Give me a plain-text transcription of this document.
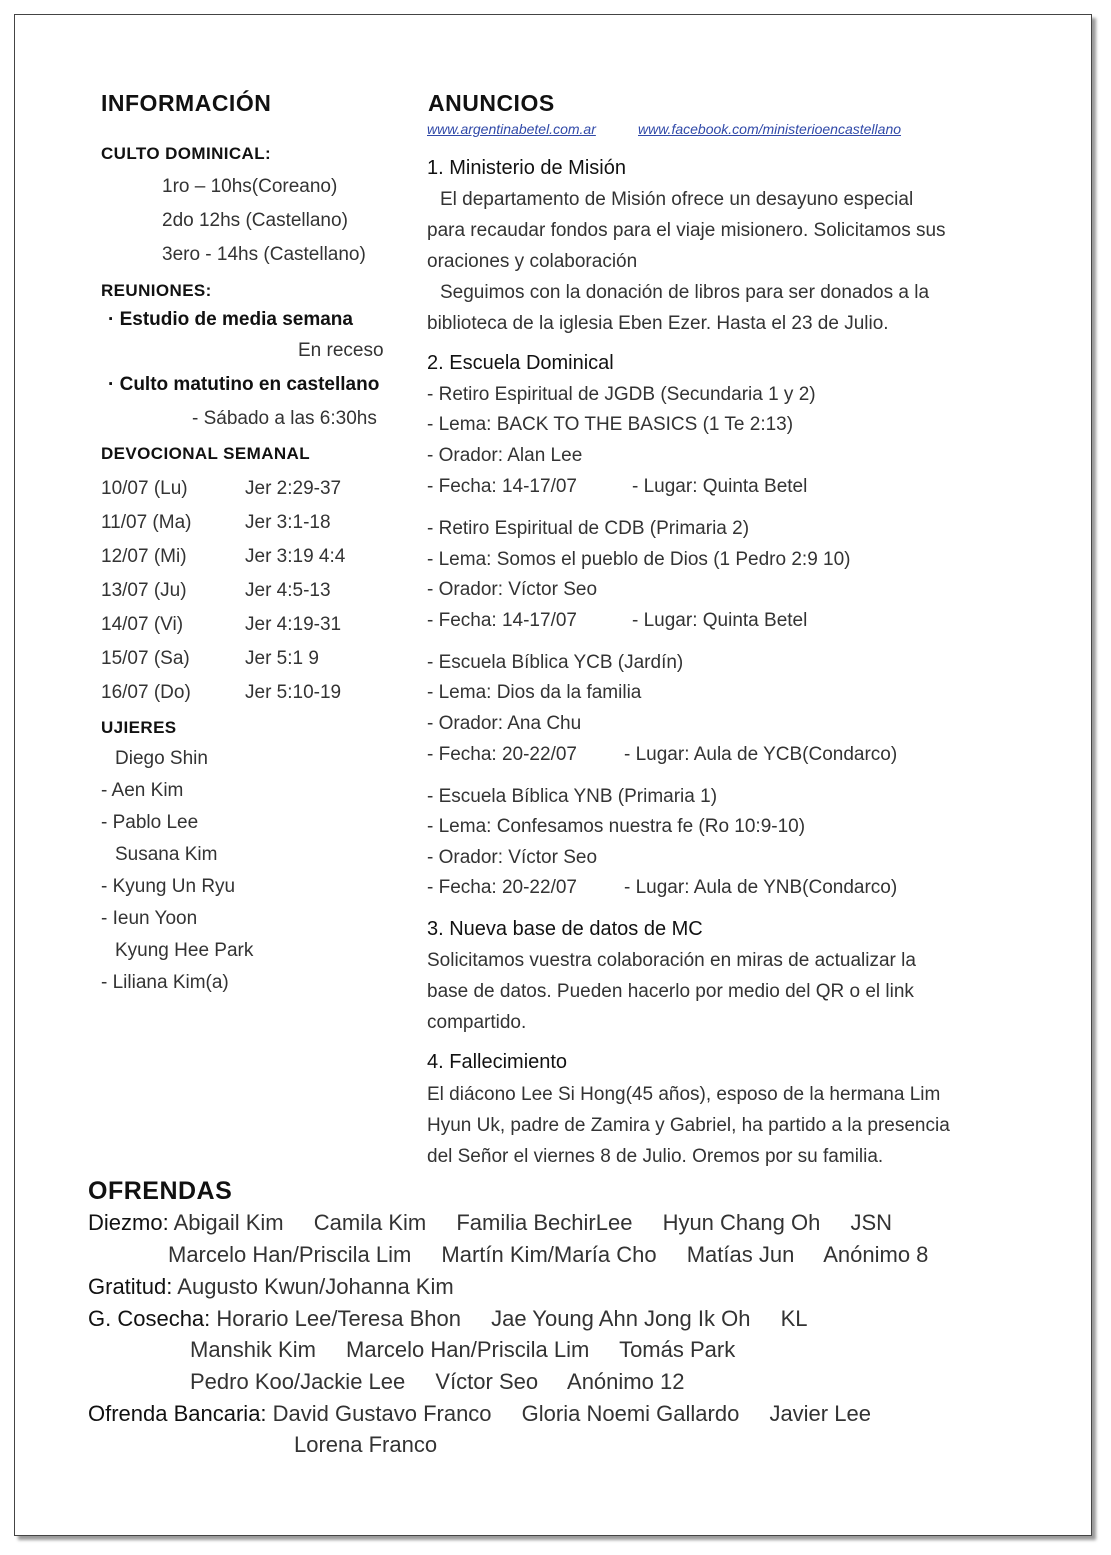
INFORMACIÓN
CULTO DOMINICAL:
1ro – 10hs(Coreano)
2do 12hs (Castellano)
3ero - 14hs (Castellano)
REUNIONES:
· Estudio de media semana
En receso
· Culto matutino en castellano
- Sábado a las 6:30hs
DEVOCIONAL SEMANAL
10/07 (Lu)	Jer 2:29-37
11/07 (Ma)	Jer 3:1-18
12/07 (Mi)	Jer 3:19 4:4
13/07 (Ju)	Jer 4:5-13
14/07 (Vi)	Jer 4:19-31
15/07 (Sa)	Jer 5:1 9
16/07 (Do)	Jer 5:10-19
UJIERES
Diego Shin
- Aen Kim
- Pablo Lee
Susana Kim
- Kyung Un Ryu
- Ieun Yoon
Kyung Hee Park
- Liliana Kim(a)
ANUNCIOS
www.argentinabetel.com.ar	www.facebook.com/ministerioencastellano
1. Ministerio de Misión
El departamento de Misión ofrece un desayuno especial
para recaudar fondos para el viaje misionero. Solicitamos sus
oraciones y colaboración
Seguimos con la donación de libros para ser donados a la
biblioteca de la iglesia Eben Ezer. Hasta el 23 de Julio.
2. Escuela Dominical
- Retiro Espiritual de JGDB (Secundaria 1 y 2)
- Lema: BACK TO THE BASICS (1 Te 2:13)
- Orador: Alan Lee
- Fecha: 14-17/07	- Lugar: Quinta Betel
- Retiro Espiritual de CDB (Primaria 2)
- Lema: Somos el pueblo de Dios (1 Pedro 2:9 10)
- Orador: Víctor Seo
- Fecha: 14-17/07	- Lugar: Quinta Betel
- Escuela Bíblica YCB (Jardín)
- Lema: Dios da la familia
- Orador: Ana Chu
- Fecha: 20-22/07 - Lugar: Aula de YCB(Condarco)
- Escuela Bíblica YNB (Primaria 1)
- Lema: Confesamos nuestra fe (Ro 10:9-10)
- Orador: Víctor Seo
- Fecha: 20-22/07 - Lugar: Aula de YNB(Condarco)
3. Nueva base de datos de MC
Solicitamos vuestra colaboración en miras de actualizar la
base de datos. Pueden hacerlo por medio del QR o el link
compartido.
4. Fallecimiento
El diácono Lee Si Hong(45 años), esposo de la hermana Lim
Hyun Uk, padre de Zamira y Gabriel, ha partido a la presencia
del Señor el viernes 8 de Julio. Oremos por su familia.
OFRENDAS
Diezmo: Abigail Kim Camila Kim Familia BechirLee Hyun Chang Oh JSN
Marcelo Han/Priscila Lim Martín Kim/María Cho Matías Jun Anónimo 8
Gratitud: Augusto Kwun/Johanna Kim
G. Cosecha: Horario Lee/Teresa Bhon Jae Young Ahn Jong Ik Oh KL
Manshik Kim Marcelo Han/Priscila Lim Tomás Park
Pedro Koo/Jackie Lee Víctor Seo Anónimo 12
Ofrenda Bancaria: David Gustavo Franco Gloria Noemi Gallardo Javier Lee
Lorena Franco
